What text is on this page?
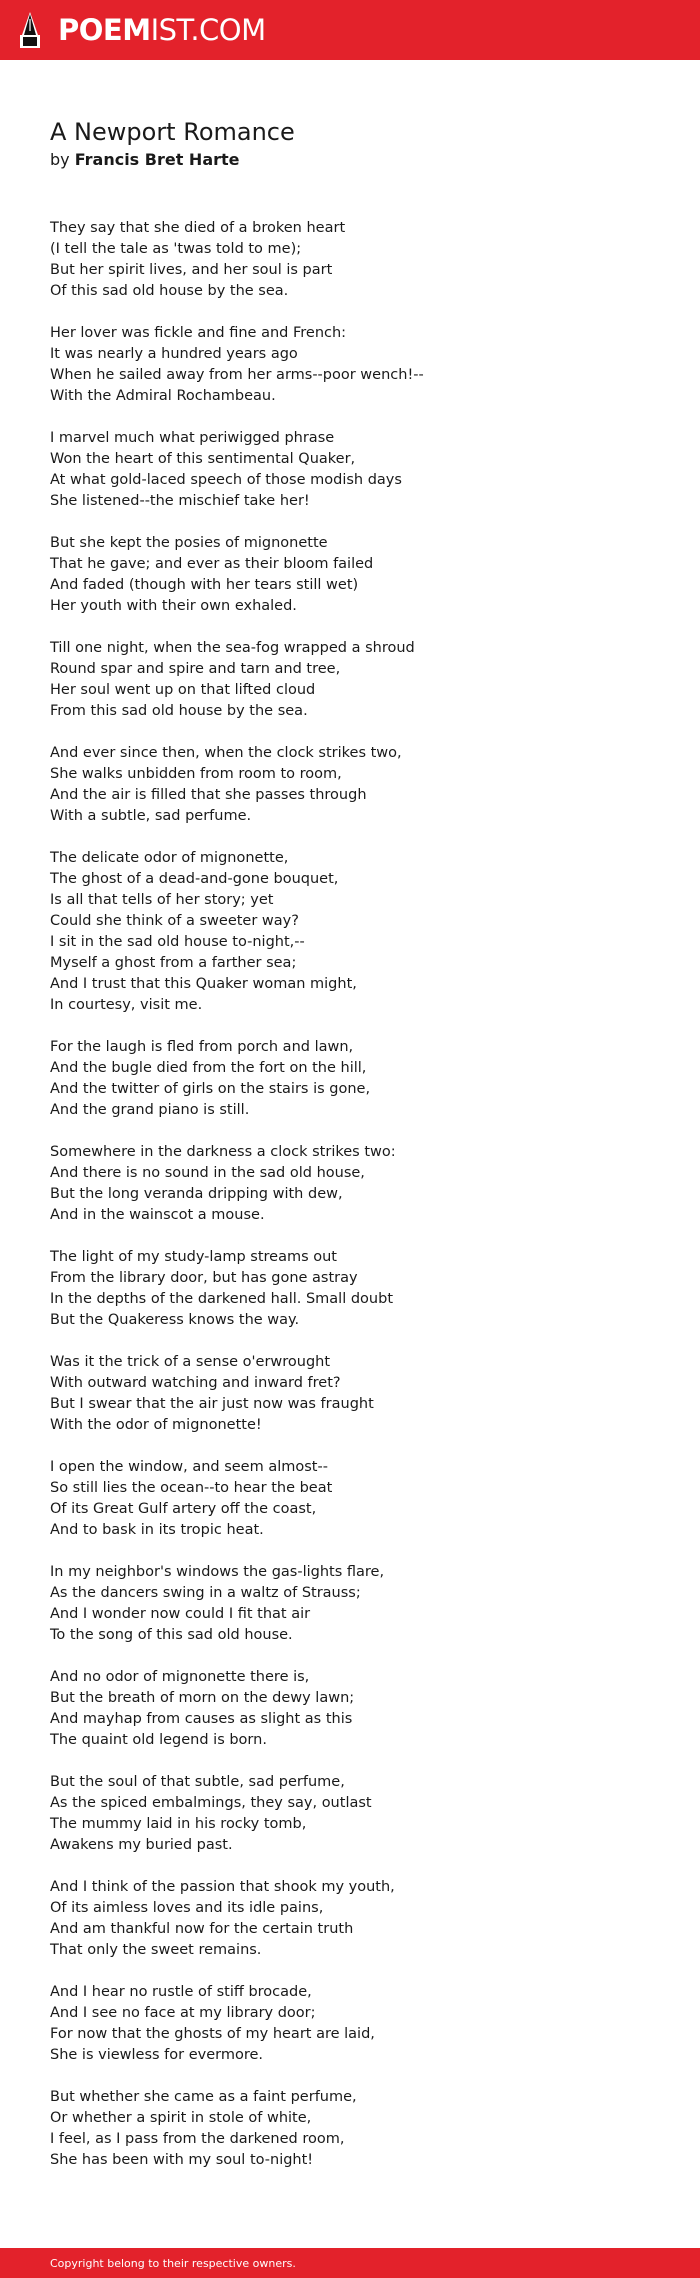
POEMIST.COM
A Newport Romance
by Francis Bret Harte
They say that she died of a broken heart
(I tell the tale as 'twas told to me);
But her spirit lives, and her soul is part
Of this sad old house by the sea.
Her lover was fickle and fine and French:
It was nearly a hundred years ago
When he sailed away from her arms--poor wench!--
With the Admiral Rochambeau.
I marvel much what periwigged phrase
Won the heart of this sentimental Quaker,
At what gold-laced speech of those modish days
She listened--the mischief take her!
But she kept the posies of mignonette
That he gave; and ever as their bloom failed
And faded (though with her tears still wet)
Her youth with their own exhaled.
Till one night, when the sea-fog wrapped a shroud
Round spar and spire and tarn and tree,
Her soul went up on that lifted cloud
From this sad old house by the sea.
And ever since then, when the clock strikes two,
She walks unbidden from room to room,
And the air is filled that she passes through
With a subtle, sad perfume.
The delicate odor of mignonette,
The ghost of a dead-and-gone bouquet,
Is all that tells of her story; yet
Could she think of a sweeter way?
I sit in the sad old house to-night,--
Myself a ghost from a farther sea;
And I trust that this Quaker woman might,
In courtesy, visit me.
For the laugh is fled from porch and lawn,
And the bugle died from the fort on the hill,
And the twitter of girls on the stairs is gone,
And the grand piano is still.
Somewhere in the darkness a clock strikes two:
And there is no sound in the sad old house,
But the long veranda dripping with dew,
And in the wainscot a mouse.
The light of my study-lamp streams out
From the library door, but has gone astray
In the depths of the darkened hall. Small doubt
But the Quakeress knows the way.
Was it the trick of a sense o'erwrought
With outward watching and inward fret?
But I swear that the air just now was fraught
With the odor of mignonette!
I open the window, and seem almost--
So still lies the ocean--to hear the beat
Of its Great Gulf artery off the coast,
And to bask in its tropic heat.
In my neighbor's windows the gas-lights flare,
As the dancers swing in a waltz of Strauss;
And I wonder now could I fit that air
To the song of this sad old house.
And no odor of mignonette there is,
But the breath of morn on the dewy lawn;
And mayhap from causes as slight as this
The quaint old legend is born.
But the soul of that subtle, sad perfume,
As the spiced embalmings, they say, outlast
The mummy laid in his rocky tomb,
Awakens my buried past.
And I think of the passion that shook my youth,
Of its aimless loves and its idle pains,
And am thankful now for the certain truth
That only the sweet remains.
And I hear no rustle of stiff brocade,
And I see no face at my library door;
For now that the ghosts of my heart are laid,
She is viewless for evermore.
But whether she came as a faint perfume,
Or whether a spirit in stole of white,
I feel, as I pass from the darkened room,
She has been with my soul to-night!
Copyright belong to their respective owners.
